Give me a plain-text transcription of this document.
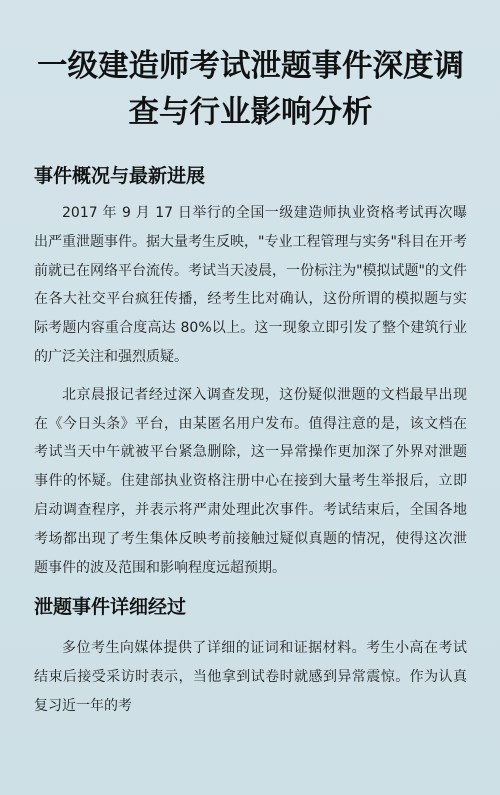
一级建造师考试泄题事件深度调查与行业影响分析
事件概况与最新进展

2017 年 9 月 17 日举行的全国一级建造师执业资格考试再次曝出严重泄题事件。据大量考生反映，"专业工程管理与实务"科目在开考前就已在网络平台流传。考试当天凌晨，一份标注为"模拟试题"的文件在各大社交平台疯狂传播，经考生比对确认，这份所谓的模拟题与实际考题内容重合度高达 80%以上。这一现象立即引发了整个建筑行业的广泛关注和强烈质疑。

北京晨报记者经过深入调查发现，这份疑似泄题的文档最早出现在《今日头条》平台，由某匿名用户发布。值得注意的是，该文档在考试当天中午就被平台紧急删除，这一异常操作更加深了外界对泄题事件的怀疑。住建部执业资格注册中心在接到大量考生举报后，立即启动调查程序，并表示将严肃处理此次事件。考试结束后，全国各地考场都出现了考生集体反映考前接触过疑似真题的情况，使得这次泄题事件的波及范围和影响程度远超预期。

泄题事件详细经过

多位考生向媒体提供了详细的证词和证据材料。考生小高在考试结束后接受采访时表示，当他拿到试卷时就感到异常震惊。作为认真复习近一年的考
